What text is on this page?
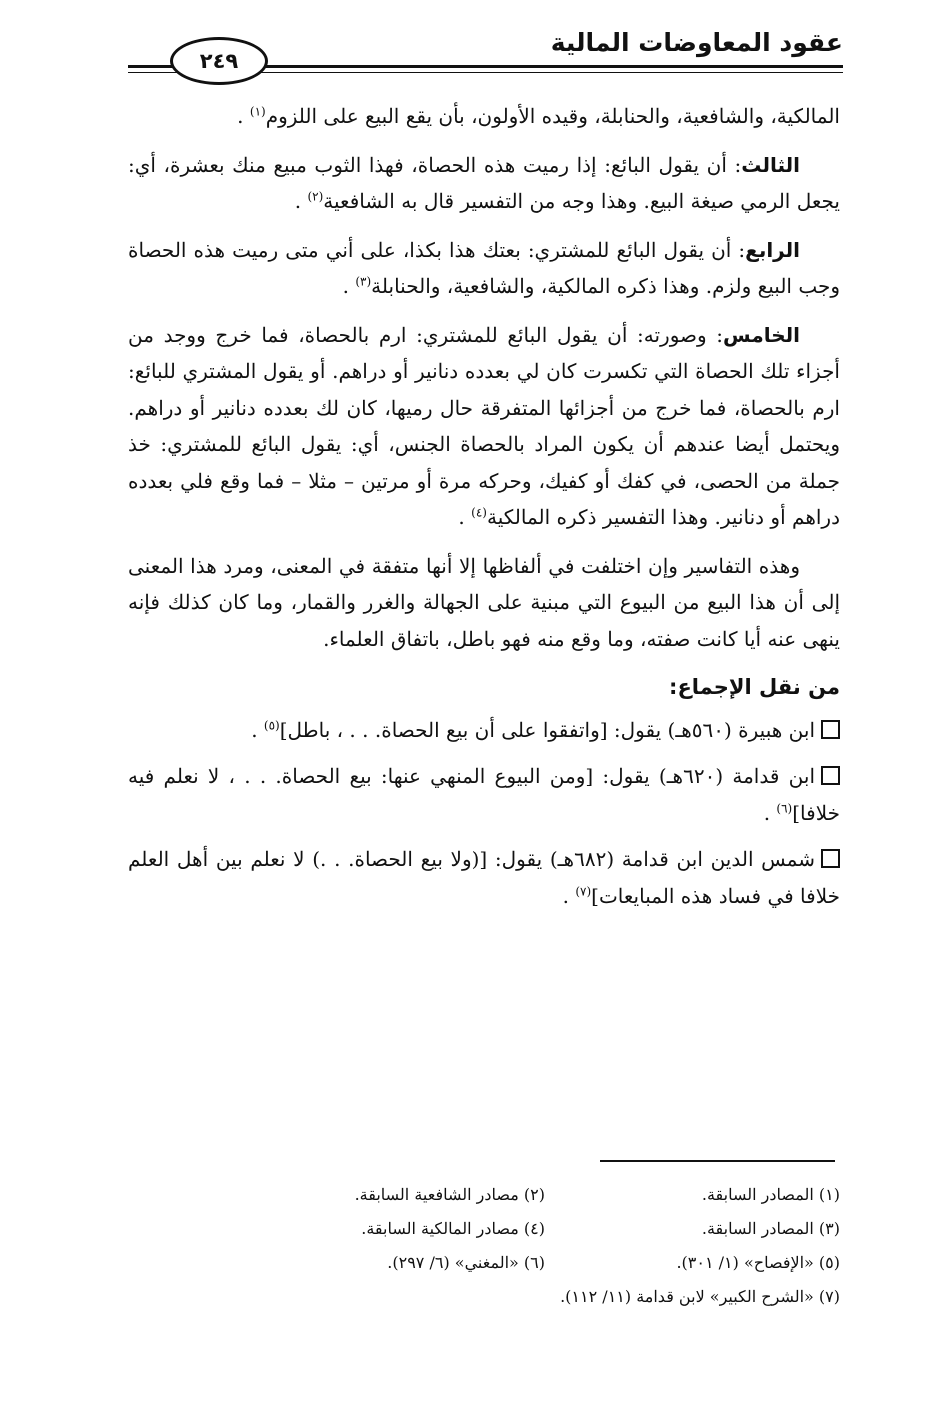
عقود المعاوضات المالية
٢٤٩

المالكية، والشافعية، والحنابلة، وقيده الأولون، بأن يقع البيع على اللزوم$^{(١)}$ .

الثالث: أن يقول البائع: إذا رميت هذه الحصاة، فهذا الثوب مبيع منك بعشرة، أي: يجعل الرمي صيغة البيع. وهذا وجه من التفسير قال به الشافعية$^{(٢)}$ .

الرابع: أن يقول البائع للمشتري: بعتك هذا بكذا، على أني متى رميت هذه الحصاة وجب البيع ولزم. وهذا ذكره المالكية، والشافعية، والحنابلة$^{(٣)}$ .

الخامس: وصورته: أن يقول البائع للمشتري: ارم بالحصاة، فما خرج ووجد من أجزاء تلك الحصاة التي تكسرت كان لي بعدده دنانير أو دراهم. أو يقول المشتري للبائع: ارم بالحصاة، فما خرج من أجزائها المتفرقة حال رميها، كان لك بعدده دنانير أو دراهم. ويحتمل أيضا عندهم أن يكون المراد بالحصاة الجنس، أي: يقول البائع للمشتري: خذ جملة من الحصى، في كفك أو كفيك، وحركه مرة أو مرتين – مثلا – فما وقع فلي بعدده دراهم أو دنانير. وهذا التفسير ذكره المالكية$^{(٤)}$ .

وهذه التفاسير وإن اختلفت في ألفاظها إلا أنها متفقة في المعنى، ومرد هذا المعنى إلى أن هذا البيع من البيوع التي مبنية على الجهالة والغرر والقمار، وما كان كذلك فإنه ينهى عنه أيا كانت صفته، وما وقع منه فهو باطل، باتفاق العلماء.

من نقل الإجماع:

ابن هبيرة (٥٦٠هـ) يقول: [واتفقوا على أن بيع الحصاة. . . ، باطل]$^{(٥)}$ .

ابن قدامة (٦٢٠هـ) يقول: [ومن البيوع المنهي عنها: بيع الحصاة. . . ، لا نعلم فيه خلافا]$^{(٦)}$ .

شمس الدين ابن قدامة (٦٨٢هـ) يقول: [(ولا بيع الحصاة. . .) لا نعلم بين أهل العلم خلافا في فساد هذه المبايعات]$^{(٧)}$ .

(١) المصادر السابقة.
(٢) مصادر الشافعية السابقة.
(٣) المصادر السابقة.
(٤) مصادر المالكية السابقة.
(٥) «الإفصاح» (١/ ٣٠١).
(٦) «المغني» (٦/ ٢٩٧).
(٧) «الشرح الكبير» لابن قدامة (١١/ ١١٢).
